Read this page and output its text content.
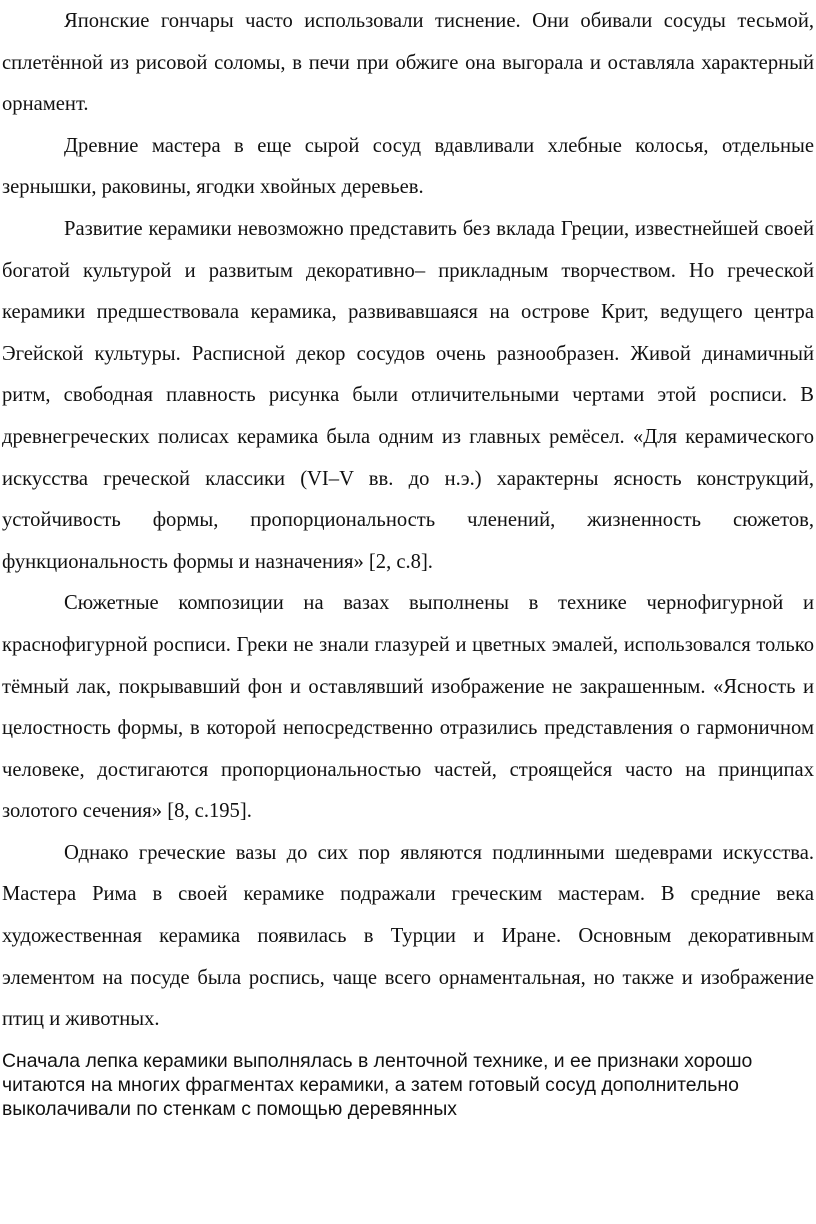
Японские гончары часто использовали тиснение. Они обивали сосуды тесьмой, сплетённой из рисовой соломы, в печи при обжиге она выгорала и оставляла характерный орнамент.

Древние мастера в еще сырой сосуд вдавливали хлебные колосья, отдельные зернышки, раковины, ягодки хвойных деревьев.

Развитие керамики невозможно представить без вклада Греции, известнейшей своей богатой культурой и развитым декоративно– прикладным творчеством. Но греческой керамики предшествовала керамика, развивавшаяся на острове Крит, ведущего центра Эгейской культуры. Расписной декор сосудов очень разнообразен. Живой динамичный ритм, свободная плавность рисунка были отличительными чертами этой росписи. В древнегреческих полисах керамика была одним из главных ремёсел. «Для керамического искусства греческой классики (VI–V вв. до н.э.) характерны ясность конструкций, устойчивость формы, пропорциональность членений, жизненность сюжетов, функциональность формы и назначения» [2, с.8].

Сюжетные композиции на вазах выполнены в технике чернофигурной и краснофигурной росписи. Греки не знали глазурей и цветных эмалей, использовался только тёмный лак, покрывавший фон и оставлявший изображение не закрашенным. «Ясность и целостность формы, в которой непосредственно отразились представления о гармоничном человеке, достигаются пропорциональностью частей, строящейся часто на принципах золотого сечения» [8, с.195].

Однако греческие вазы до сих пор являются подлинными шедеврами искусства. Мастера Рима в своей керамике подражали греческим мастерам. В средние века художественная керамика появилась в Турции и Иране. Основным декоративным элементом на посуде была роспись, чаще всего орнаментальная, но также и изображение птиц и животных.

Сначала лепка керамики выполнялась в ленточной технике, и ее признаки хорошо читаются на многих фрагментах керамики, а затем готовый сосуд дополнительно выколачивали по стенкам с помощью деревянных
